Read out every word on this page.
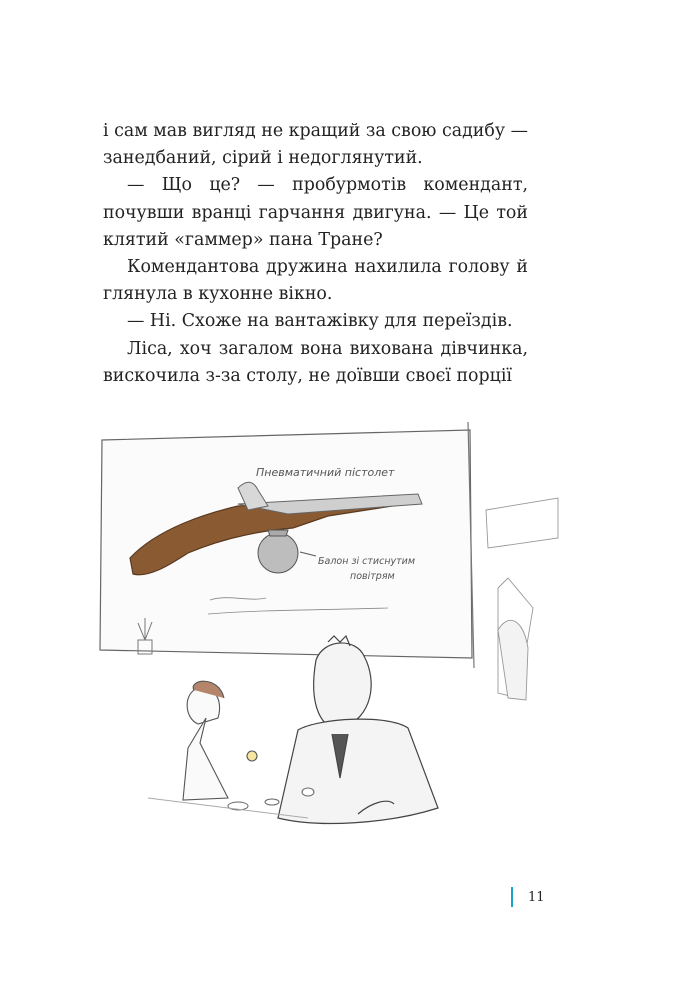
і сам мав вигляд не кращий за свою садибу — занедбаний, сірий і недоглянутий.

— Що це? — пробурмотів комендант, почувши вранці гарчання двигуна. — Це той клятий «гаммер» пана Тране?

Комендантова дружина нахилила голову й глянула в кухонне вікно.

— Ні. Схоже на вантажівку для переїздів.

Ліса, хоч загалом вона вихована дівчинка, вискочила з-за столу, не доївши своєї порції

Пневматичний пістолет
Балон зі стиснутим
повітрям
11
